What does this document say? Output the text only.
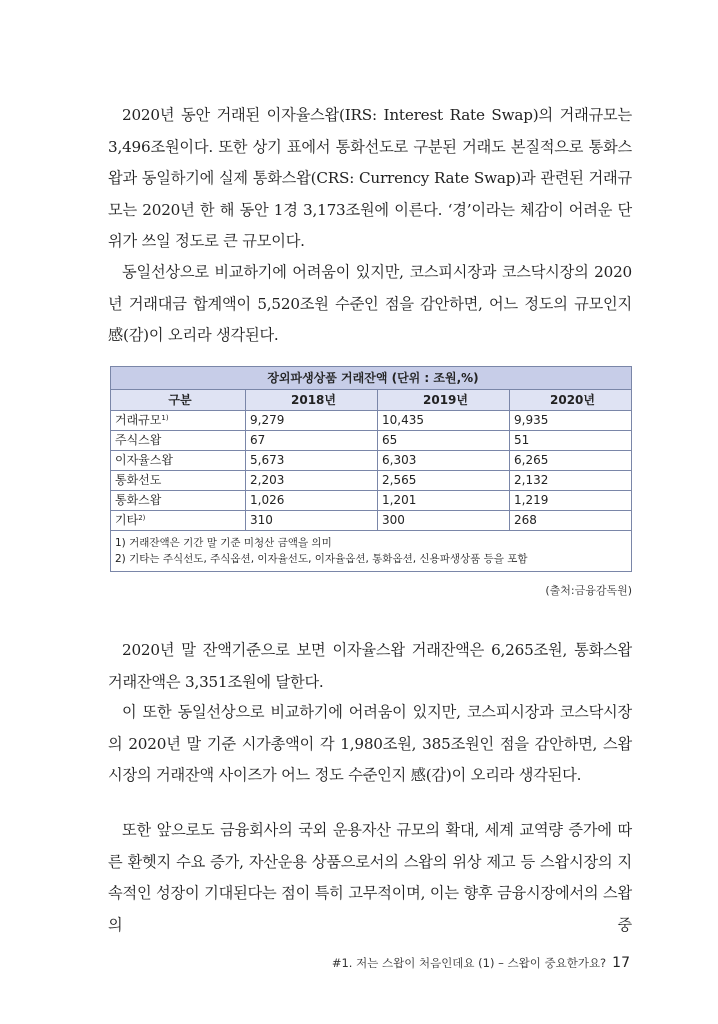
2020년 동안 거래된 이자율스왑(IRS: Interest Rate Swap)의 거래규모는 3,496조원이다. 또한 상기 표에서 통화선도로 구분된 거래도 본질적으로 통화스왑과 동일하기에 실제 통화스왑(CRS: Currency Rate Swap)과 관련된 거래규모는 2020년 한 해 동안 1경 3,173조원에 이른다. ‘경’이라는 체감이 어려운 단위가 쓰일 정도로 큰 규모이다.

동일선상으로 비교하기에 어려움이 있지만, 코스피시장과 코스닥시장의 2020년 거래대금 합계액이 5,520조원 수준인 점을 감안하면, 어느 정도의 규모인지 感(감)이 오리라 생각된다.

장외파생상품 거래잔액 (단위 : 조원,%)			
구분	2018년	2019년	2020년
거래규모$^{1)}$	9,279	10,435	9,935
주식스왑	67	65	51
이자율스왑	5,673	6,303	6,265
통화선도	2,203	2,565	2,132
통화스왑	1,026	1,201	1,219
기타$^{2)}$	310	300	268

1) 거래잔액은 기간 말 기준 미청산 금액을 의미
2) 기타는 주식선도, 주식옵션, 이자율선도, 이자율옵션, 통화옵션, 신용파생상품 등을 포함			
(출처:금융감독원)

2020년 말 잔액기준으로 보면 이자율스왑 거래잔액은 6,265조원, 통화스왑 거래잔액은 3,351조원에 달한다.

이 또한 동일선상으로 비교하기에 어려움이 있지만, 코스피시장과 코스닥시장의 2020년 말 기준 시가총액이 각 1,980조원, 385조원인 점을 감안하면, 스왑시장의 거래잔액 사이즈가 어느 정도 수준인지 感(감)이 오리라 생각된다.

또한 앞으로도 금융회사의 국외 운용자산 규모의 확대, 세계 교역량 증가에 따른 환헷지 수요 증가, 자산운용 상품으로서의 스왑의 위상 제고 등 스왑시장의 지속적인 성장이 기대된다는 점이 특히 고무적이며, 이는 향후 금융시장에서의 스왑의 중

#1. 저는 스왑이 처음인데요 (1) – 스왑이 중요한가요? 17
